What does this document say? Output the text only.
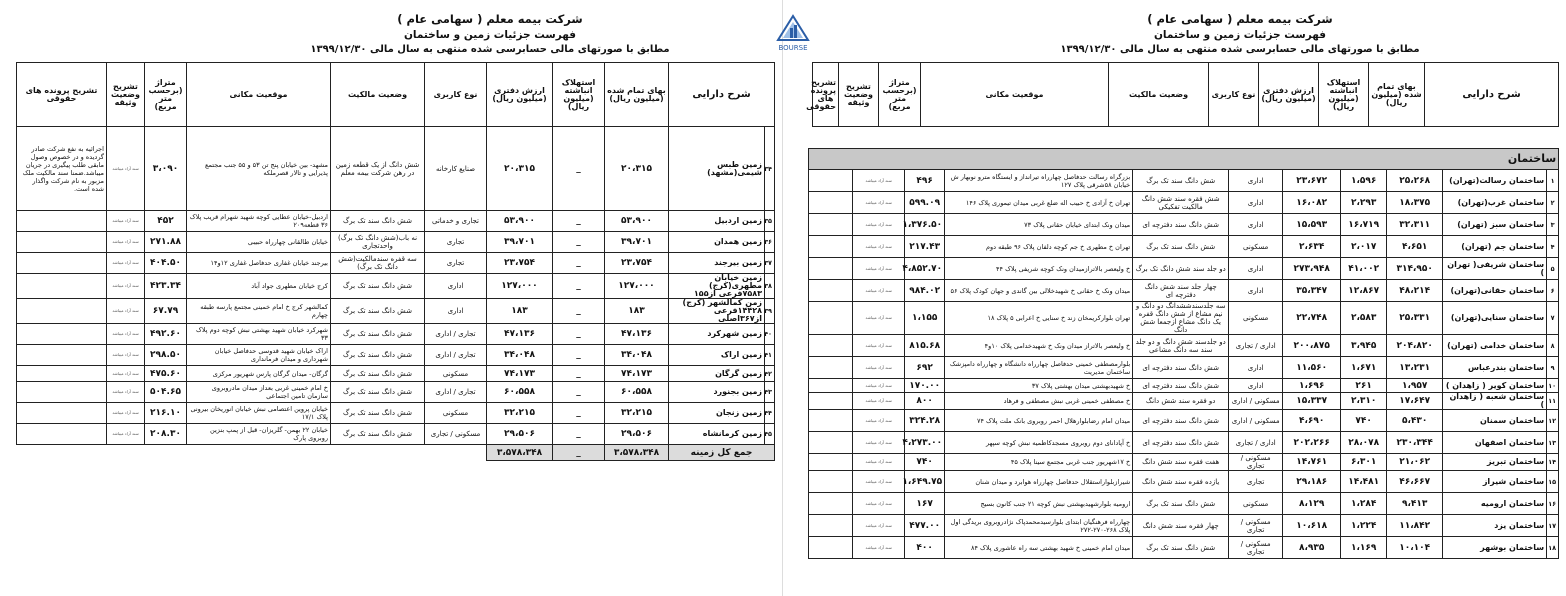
شرکت بیمه معلم ( سهامی عام )
فهرست جزئیات زمین و ساختمان
مطابق با صورتهای مالی حسابرسی شده منتهی به سال مالی ۱۳۹۹/۱۲/۳۰
شرح دارایی		بهای تمام شده (میلیون ریال)	استهلاک انباشته (میلیون ریال)	ارزش دفتری (میلیون ریال)	نوع کاربری	وضعیت مالکیت	موقعیت مکانی	متراژ (برحسب متر مربع)	تشریح وضعیت وثیقه	تشریح پرونده های حقوقی
۳۴	زمین طبس شیمی(مشهد)	۲۰،۳۱۵	_	۲۰،۳۱۵	صنایع کارخانه	شش دانگ از یک قطعه زمین در رهن شرکت بیمه معلم	مشهد- بین خیابان پنج تن ۵۳ و ۵۵ جنب مجتمع پذیرایی و تالار قصرملکه	۳،۰۹۰	سند آزاد میباشد	اجرائیه به نفع شرکت صادر گردیده و در خصوص وصول مابقی طلب پیگیری در جریان میباشد.ضمنا سند مالکیت ملک مزبور به نام شرکت واگذار شده است.
۳۵	زمین اردبیل	۵۳،۹۰۰	_	۵۳،۹۰۰	تجاری و خدماتی	شش دانگ سند تک برگ	اردبیل-خیابان عطایی کوچه شهید شهرام قریب پلاک ۳۶ قطعه۲۰۹	۴۵۲	سند آزاد میباشد	
۳۶	زمین همدان	۳۹،۷۰۱	_	۳۹،۷۰۱	تجاری	نه باب(شش دانگ تک برگ) واحدتجاری	خیابان طالقانی چهارراه حبیبی	۲۷۱.۸۸	سند آزاد میباشد	
۳۷	زمین بیرجند	۲۳،۷۵۴	_	۲۳،۷۵۴	تجاری	سه قفره سندمالکیت(شش دانگ تک برگ)	بیرجند خیابان غفاری حدفاصل غفاری ۱۲و۱۴	۴۰۴.۵۰	سند آزاد میباشد	
۳۸	زمین خیابان مطهری(کرج) ۷۵۸۳فرعی از۱۵۵	۱۲۷،۰۰۰	_	۱۲۷،۰۰۰	اداری	شش دانگ سند تک برگ	کرج خیابان مطهری جواد آباد	۴۲۳.۳۴	سند آزاد میباشد	
۳۹	زمن کمالشهر (کرج) ۱۴۴۲۸فرعی از۳۶۷اصلی	۱۸۳	_	۱۸۳	اداری	شش دانگ سند تک برگ	کمالشهر کرج خ امام خمینی مجتمع پارسه طبقه چهارم	۶۷.۷۹	سند آزاد میباشد	
۴۰	زمین شهرکرد	۴۷،۱۳۶	_	۴۷،۱۳۶	تجاری / اداری	شش دانگ سند تک برگ	شهرکرد خیابان شهید بهشتی نبش کوچه دوم پلاک ۳۳	۴۹۲.۶۰	سند آزاد میباشد	
۴۱	زمین اراک	۳۴،۰۴۸	_	۳۴،۰۴۸	تجاری / اداری	شش دانگ سند تک برگ	اراک خیابان شهید قدوسی حدفاصل خیابان شهرداری و میدان فرمانداری	۲۹۸.۵۰	سند آزاد میباشد	
۴۲	زمین گرگان	۷۴،۱۷۳	_	۷۴،۱۷۳	مسکونی	شش دانگ سند تک برگ	گرگان- میدان گرگان پارس شهریور مرکزی	۴۷۵.۶۰	سند آزاد میباشد	
۴۳	زمین بجنورد	۶۰،۵۵۸	_	۶۰،۵۵۸	تجاری / اداری	شش دانگ سند تک برگ	خ امام خمینی غربی بعداز میدان مادروبروی سازمان تامین اجتماعی	۵۰۴.۶۵	سند آزاد میباشد	
۴۴	زمین زنجان	۳۲،۲۱۵	_	۳۲،۲۱۵	مسکونی	شش دانگ سند تک برگ	خیابان پروین اعتصامی نبش خیابان انوریخان بیرونی پلاک ۱۷/۱	۲۱۶.۱۰	سند آزاد میباشد	
۴۵	زمین کرمانشاه	۲۹،۵۰۶	_	۲۹،۵۰۶	مسکونی / تجاری	شش دانگ سند تک برگ	خیابان ۲۲ بهمن- گلریزان- قبل از پمپ بنزین روبروی پارک	۲۰۸.۳۰	سند آزاد میباشد	
جمع کل زمینه		۳،۵۷۸،۳۴۸	_	۳،۵۷۸،۳۴۸						
BOURSE
شرکت بیمه معلم ( سهامی عام )
فهرست جزئیات زمین و ساختمان
مطابق با صورتهای مالی حسابرسی شده منتهی به سال مالی ۱۳۹۹/۱۲/۳۰
شرح دارایی	بهای تمام شده (میلیون ریال)	استهلاک انباشته (میلیون ریال)	ارزش دفتری (میلیون ریال)	نوع کاربری	وضعیت مالکیت	موقعیت مکانی	متراژ (برحسب متر مربع)	تشریح وضعیت وثیقه	تشریح پرونده های حقوقی
ساختمان										
۱	ساختمان رسالت(تهران)	۲۵،۲۶۸	۱،۵۹۶	۲۳،۶۷۲	اداری	شش دانگ سند تک برگ	بزرگراه رسالت حدفاصل چهارراه تیرانداز و ایستگاه مترو نوبهار ش خیابان ۵۸شرقی پلاک ۱۲۷	۴۹۶	سند آزاد میباشد	
۲	ساختمان غرب(تهران)	۱۸،۳۷۵	۲،۲۹۳	۱۶،۰۸۲	اداری	شش فقره سند شش دانگ مالکیت تفکیکی	تهران خ آزادی خ حبیب اله ضلع غربی میدان تیموری پلاک ۱۴۶	۵۹۹.۰۹	سند آزاد میباشد	
۳	ساختمان سبز (تهران)	۳۲،۳۱۱	۱۶،۷۱۹	۱۵،۵۹۳	اداری	شش دانگ سند دفترچه ای	میدان ونک ابتدای خیابان حقانی پلاک ۷۳	۱،۳۷۶.۵۰	سند آزاد میباشد	
۴	ساختمان جم (تهران)	۴،۶۵۱	۲،۰۱۷	۲،۶۳۴	مسکونی	شش دانگ سند تک برگ	تهران خ مطهری خ جم کوچه دلفان پلاک ۹۶ طبقه دوم	۲۱۷.۴۳	سند آزاد میباشد	
۵	ساختمان شریفی( تهران )	۳۱۴،۹۵۰	۴۱،۰۰۲	۲۷۳،۹۴۸	اداری	دو جلد سند شش دانگ تک برگ	خ ولیعصر بالاترازمیدان ونک کوچه شریفی پلاک ۴۴	۴،۸۵۲.۷۰	سند آزاد میباشد	
۶	ساختمان حقانی(تهران)	۴۸،۲۱۴	۱۲،۸۶۷	۳۵،۳۴۷	اداری	چهار جلد سند شش دانگ دفترچه ای	میدان ونک خ حقانی خ شهیدخلالی بین گاندی و جهان کودک پلاک ۵۶	۹۸۴.۰۲	سند آزاد میباشد	
۷	ساختمان سنایی(تهران)	۲۵،۳۳۱	۲،۵۸۳	۲۲،۷۴۸	مسکونی	سه جلدسندششدانگ دو دانگ و نیم مشاع از شش دانگ قفره یک دانگ مشاع ازجمعا شش دانگ	تهران بلوارکریمخان زند خ سنایی خ اعرابی ۵ پلاک ۱۸	۱،۱۵۵	سند آزاد میباشد	
۸	ساختمان خدامی (تهران)	۲۰۴،۸۲۰	۳،۹۴۵	۲۰۰،۸۷۵	اداری / تجاری	دو جلدسند شش دانگ و دو جلد سند سه دانگ مشاعی	خ ولیعصر بالاتراز میدان ونک خ شهیدخدامی پلاک ۱۰و۴	۸۱۵.۶۸	سند آزاد میباشد	
۹	ساختمان بندرعباس	۱۳،۲۳۱	۱،۶۷۱	۱۱،۵۶۰	اداری	شش دانگ سند دفترچه ای	بلوارمصطفی خمینی حدفاصل چهارراه دانشگاه و چهارراه دامپزشک ساختمان مدیریت	۶۹۲	سند آزاد میباشد	
۱۰	ساختمان کویر ( زاهدان )	۱،۹۵۷	۲۶۱	۱،۶۹۶	اداری	شش دانگ سند دفترچه ای	خ شهیدبهشتی میدان بهشتی پلاک ۳۷	۱۷۰.۰۰	سند آزاد میباشد	
۱۱	ساختمان شعبه ( زاهدان )	۱۷،۶۴۷	۲،۳۱۰	۱۵،۳۳۷	مسکونی / اداری	دو فقره سند شش دانگ	خ مصطفی خمینی غربی نبش مصطفی و فرهاد	۸۰۰	سند آزاد میباشد	
۱۲	ساختمان سمنان	۵،۴۳۰	۷۴۰	۴،۶۹۰	مسکونی / اداری	شش دانگ سند دفترچه ای	میدان امام رضابلوارهلال احمر روبروی بانک ملت پلاک ۷۴	۳۲۴.۲۸	سند آزاد میباشد	
۱۳	ساختمان اصفهان	۲۳۰،۳۴۴	۲۸،۰۷۸	۲۰۲،۲۶۶	اداری / تجاری	شش دانگ سند دفترچه ای	خ آپادانای دوم روبروی مسجدکاظمیه نبش کوچه سپهر	۴،۲۷۳.۰۰	سند آزاد میباشد	
۱۴	ساختمان تبریز	۲۱،۰۶۲	۶،۳۰۱	۱۴،۷۶۱	مسکونی / تجاری	هفت فقره سند شش دانگ	خ ۱۷شهریور جنب غربی مجتمع سینا پلاک ۴۵	۷۴۰	سند آزاد میباشد	
۱۵	ساختمان شیراز	۴۶،۶۶۷	۱۴،۴۸۱	۲۹،۱۸۶	تجاری	یازده فقره سند شش دانگ	شیرازبلواراستقلال حدفاصل چهارراه هوابرد و میدان شنان	۱،۶۴۹.۷۵	سند آزاد میباشد	
۱۶	ساختمان ارومیه	۹،۴۱۳	۱،۲۸۴	۸،۱۲۹	مسکونی	شش دانگ سند تک برگ	ارومیه بلوارشهیدبهشتی نبش کوچه ۲۱ جنب کانون بسیج	۱۶۷	سند آزاد میباشد	
۱۷	ساختمان یزد	۱۱،۸۴۲	۱،۲۲۴	۱۰،۶۱۸	مسکونی / تجاری	چهار فقره سند شش دانگ	چهارراه فرهنگیان ابتدای بلوارسیدمحمدپاک نژادروبروی بریدگی اول پلاک ۲۶۸-۲۷۰-۲۷۲	۴۷۷.۰۰	سند آزاد میباشد	
۱۸	ساختمان بوشهر	۱۰،۱۰۴	۱،۱۶۹	۸،۹۳۵	مسکونی / تجاری	شش دانگ سند تک برگ	میدان امام خمینی خ شهید بهشتی سه راه عاشوری پلاک ۸۴	۴۰۰	سند آزاد میباشد	
